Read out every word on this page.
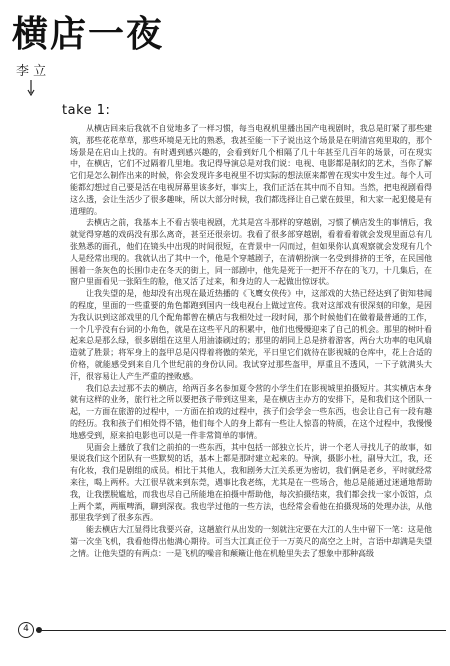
横店一夜
李 立
take 1:

从横店回来后我就不自觉地多了一样习惯，每当电视机里播出国产电视剧时，我总是盯紧了那些建筑，那些花花草草，那些环境是无比的熟悉，我甚至能一下子说出这个场景是在明清宫苑里取的，那个场景是在启山上找的。有时遇到感兴趣的，会看到好几个相隔了几十年甚至几百年的场景，可在现实中，在横店，它们不过隔着几里地。我记得导演总是对我们说：电视、电影都是制幻的艺术，当你了解它们是怎么制作出来的时候，你会发现许多电视里不切实际的想法原来都曾在现实中发生过。每个人可能都幻想过自己要是活在电视屏幕里该多好，事实上，我们正活在其中而不自知。当然，把电视剧看得这么透，会让生活少了很多趣味，所以大部分时候，我们都选择让自己蒙在鼓里，和大家一起犯傻是有道理的。

去横店之前，我基本上不看古装电视剧，尤其是宫斗那样的穿越剧，习惯了横店发生的事情后，我就觉得穿越的戏码没有那么离奇，甚至还很亲切。我看了很多部穿越剧，看着看着就会发现里面总有几张熟悉的面孔，他们在镜头中出现的时间很短，在背景中一闪而过，但如果你认真观察就会发现有几个人是经常出现的。我就认出了其中一个，他是个穿越剧子，在清朝扮演一名受到排挤的王爷，在民国他围着一条灰色的长围巾走在冬天的街上，同一部剧中，他先是死于一把开不存在的飞刀，十几集后，在窗户里面看见一张陌生的脸，他又活了过来，和身边的人一起做出惊讶状。

让我失望的是，他却没有出现在最近热播的《飞鹰女侠传》中，这部戏的大热已经达到了街知巷闻的程度，里面的一些重要的角色都跑到国内一线电视台上做过宣传。我对这部戏有很深刻的印象，是因为我认识到这部戏里的几个配角都曾在横店与我相处过一段时间，那个时候他们在做着最普通的工作，一个几乎没有台词的小角色，就是在这些平凡的积累中，他们也慢慢迎来了自己的机会。那里的树叶看起来总是那么绿，很多剧组在这里人用油漆刷过的；那里的胡同上总是挤着游客，两台大功率的电风扇造就了胜景；将军身上的盔甲总是闪得着将傲的荣光，平日里它们就待在影视城的仓库中，花上合适的价格，就能感受到来自几个世纪前的身份认同。我试穿过那些盔甲，厚重且不透风，一下子就满头大汗，很容易让人产生严重的挫败感。

我们总去过那不去的横店，给两百多名参加夏令营的小学生们在影视城里拍摄短片。其实横店本身就有这样的业务，旅行社之所以要把孩子带到这里来，是在横店主办方的安排下，是和我们这个团队一起，一方面在旅游的过程中，一方面在拍戏的过程中，孩子们会学会一些东西，也会让自己有一段有趣的经历。我和孩子们相处得不错，他们每个人的身上都有一些让人惊喜的特质，在这个过程中，我慢慢地感受到，原来拍电影也可以是一件非常简单的事情。

见面会上播放了我们之前拍的一些东西，其中包括一部独立长片，讲一个老人寻找儿子的故事，如果说我们这个团队有一些默契的话，基本上都是那时建立起来的。导演，摄影小杜，副导大江，我，还有化妆，我们是剧组的成员。相比于其他人，我和剧务大江关系更为密切，我们俩是老乡，平时就经常来往，喝上两杯。大江很早就来到东莞，遇事比我老练，尤其是在一些场合，他总是能通过迷通地帮助我，让我摆脱尴尬，而我也尽自己所能地在拍摄中帮助他，每次拍摄结束，我们都会找一家小饭馆，点上两个菜，两瓶啤酒，聊到深夜。我也学过他的一些方法，也经常会看他在拍摄现场的处理办法，从他那里我学到了很多东西。

能去横店大江显得比我要兴奋，这趟旅行从出发的一刻就注定要在大江的人生中留下一笔：这是他第一次坐飞机，我看他得出他满心期待。可当大江真正位于一万英尺的高空之上时，言语中却满是失望之情。让他失望的有两点：一是飞机的噪音和颠簸让他在机舱里失去了想象中那种高级

4
